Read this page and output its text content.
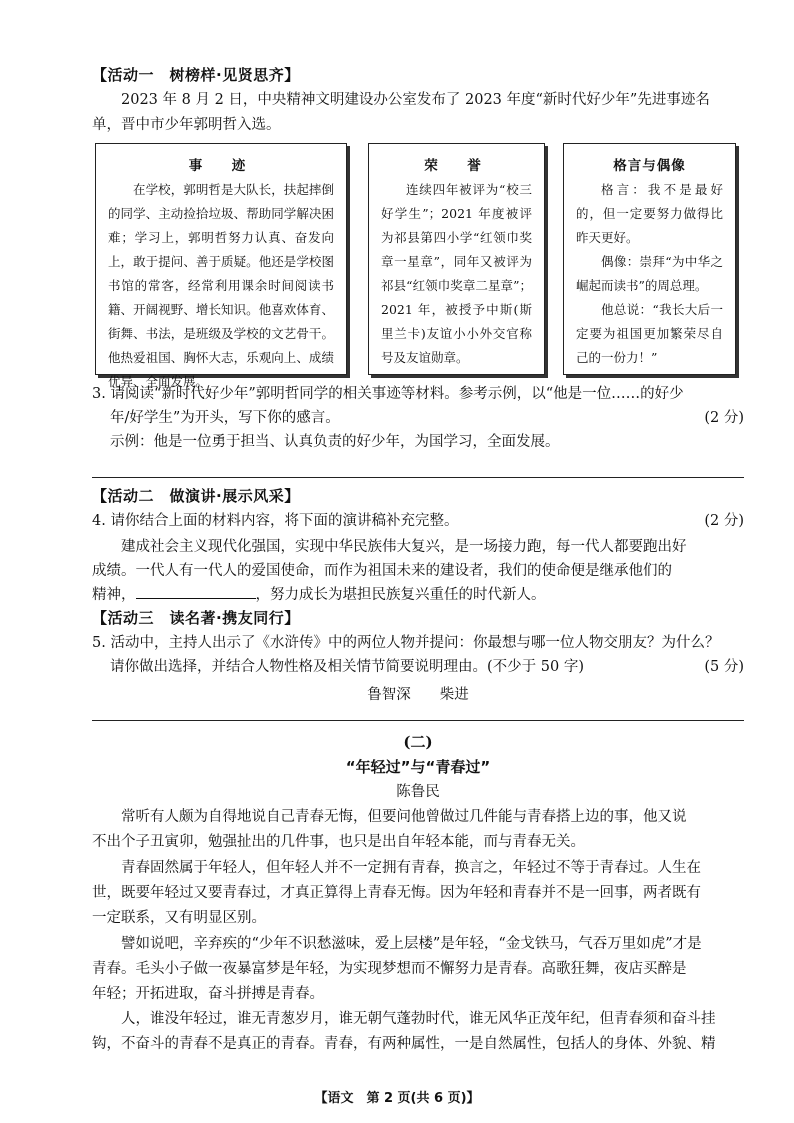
【活动一　树榜样·见贤思齐】
2023 年 8 月 2 日，中央精神文明建设办公室发布了 2023 年度“新时代好少年”先进事迹名
单，晋中市少年郭明哲入选。
事　迹

在学校，郭明哲是大队长，扶起摔倒的同学、主动捡拾垃圾、帮助同学解决困难；学习上，郭明哲努力认真、奋发向上，敢于提问、善于质疑。他还是学校图书馆的常客，经常利用课余时间阅读书籍、开阔视野、增长知识。他喜欢体育、街舞、书法，是班级及学校的文艺骨干。他热爱祖国、胸怀大志，乐观向上、成绩优异、全面发展。

荣　誉

连续四年被评为“校三好学生”；2021 年度被评为祁县第四小学“红领巾奖章一星章”，同年又被评为祁县“红领巾奖章二星章”；2021 年，被授予中斯(斯里兰卡)友谊小小外交官称号及友谊勋章。

格言与偶像

格言：我不是最好的，但一定要努力做得比昨天更好。

偶像：崇拜“为中华之崛起而读书”的周总理。

他总说：“我长大后一定要为祖国更加繁荣尽自己的一份力！”

3. 请阅读“新时代好少年”郭明哲同学的相关事迹等材料。参考示例，以“他是一位……的好少
年/好学生”为开头，写下你的感言。	(2 分)
示例：他是一位勇于担当、认真负责的好少年，为国学习，全面发展。
【活动二　做演讲·展示风采】
4. 请你结合上面的材料内容，将下面的演讲稿补充完整。	(2 分)
建成社会主义现代化强国，实现中华民族伟大复兴，是一场接力跑，每一代人都要跑出好
成绩。一代人有一代人的爱国使命，而作为祖国未来的建设者，我们的使命便是继承他们的
精神，	，努力成长为堪担民族复兴重任的时代新人。
【活动三　读名著·携友同行】
5. 活动中，主持人出示了《水浒传》中的两位人物并提问：你最想与哪一位人物交朋友？为什么？
请你做出选择，并结合人物性格及相关情节简要说明理由。(不少于 50 字)	(5 分)
鲁智深　　柴进
(二)
“年轻过”与“青春过”
陈鲁民
常听有人颇为自得地说自己青春无悔，但要问他曾做过几件能与青春搭上边的事，他又说
不出个子丑寅卯，勉强扯出的几件事，也只是出自年轻本能，而与青春无关。
青春固然属于年轻人，但年轻人并不一定拥有青春，换言之，年轻过不等于青春过。人生在
世，既要年轻过又要青春过，才真正算得上青春无悔。因为年轻和青春并不是一回事，两者既有
一定联系，又有明显区别。
譬如说吧，辛弃疾的“少年不识愁滋味，爱上层楼”是年轻，“金戈铁马，气吞万里如虎”才是
青春。毛头小子做一夜暴富梦是年轻，为实现梦想而不懈努力是青春。高歌狂舞，夜店买醉是
年轻；开拓进取，奋斗拼搏是青春。
人，谁没年轻过，谁无青葱岁月，谁无朝气蓬勃时代，谁无风华正茂年纪，但青春须和奋斗挂
钩，不奋斗的青春不是真正的青春。青春，有两种属性，一是自然属性，包括人的身体、外貌、精
【语文　第 2 页(共 6 页)】
